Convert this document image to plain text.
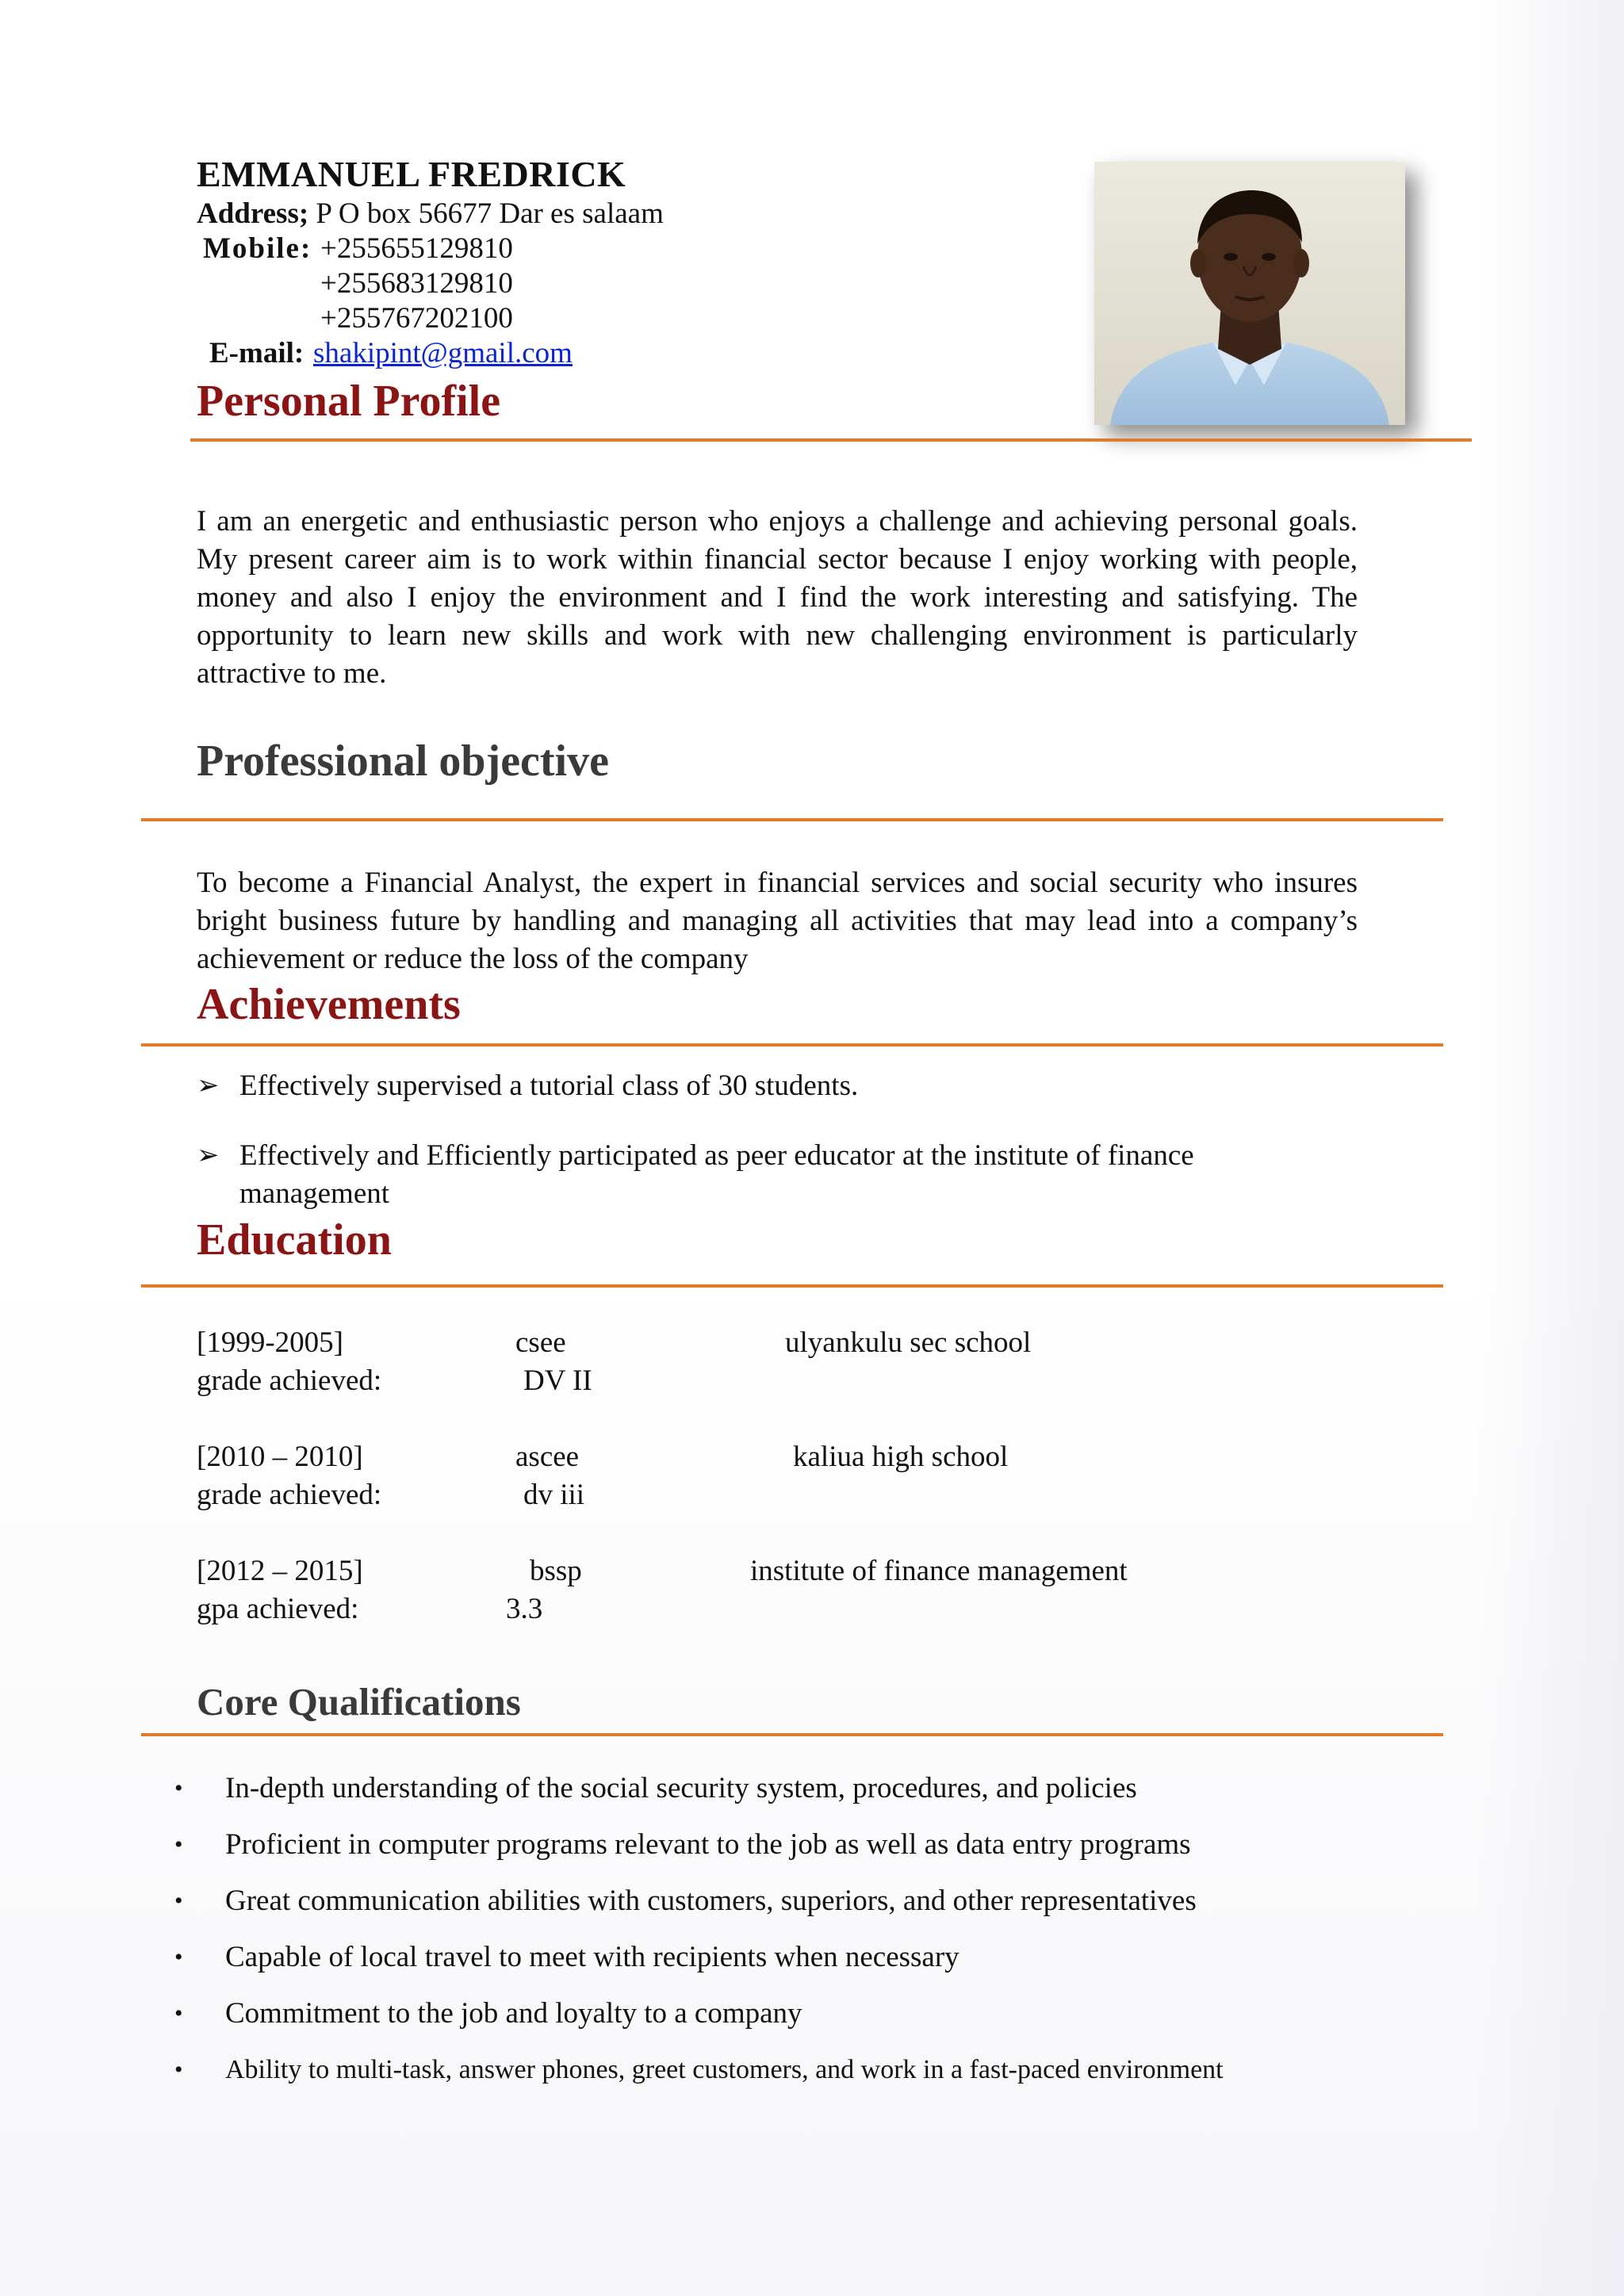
EMMANUEL FREDRICK
Address; P O box 56677 Dar es salaam
Mobile: +255655129810
+255683129810
+255767202100
E-mail: shakipint@gmail.com
Personal Profile
I am an energetic and enthusiastic person who enjoys a challenge and achieving personal goals. My present career aim is to work within financial sector because I enjoy working with people, money and also I enjoy the environment and I find the work interesting and satisfying. The opportunity to learn new skills and work with new challenging environment is particularly attractive to me.
Professional objective
To become a Financial Analyst, the expert in financial services and social security who insures bright business future by handling and managing all activities that may lead into a company’s achievement or reduce the loss of the company
Achievements
➢ Effectively supervised a tutorial class of 30 students.
➢ Effectively and Efficiently participated as peer educator at the institute of finance management
Education
[1999-2005]	csee	ulyankulu sec school
grade achieved:	DV II
[2010 – 2010]	ascee	kaliua high school
grade achieved:	dv iii
[2012 – 2015]	bssp	institute of finance management
gpa achieved:	3.3
Core Qualifications
• In-depth understanding of the social security system, procedures, and policies
• Proficient in computer programs relevant to the job as well as data entry programs
• Great communication abilities with customers, superiors, and other representatives
• Capable of local travel to meet with recipients when necessary
• Commitment to the job and loyalty to a company
• Ability to multi-task, answer phones, greet customers, and work in a fast-paced environment
